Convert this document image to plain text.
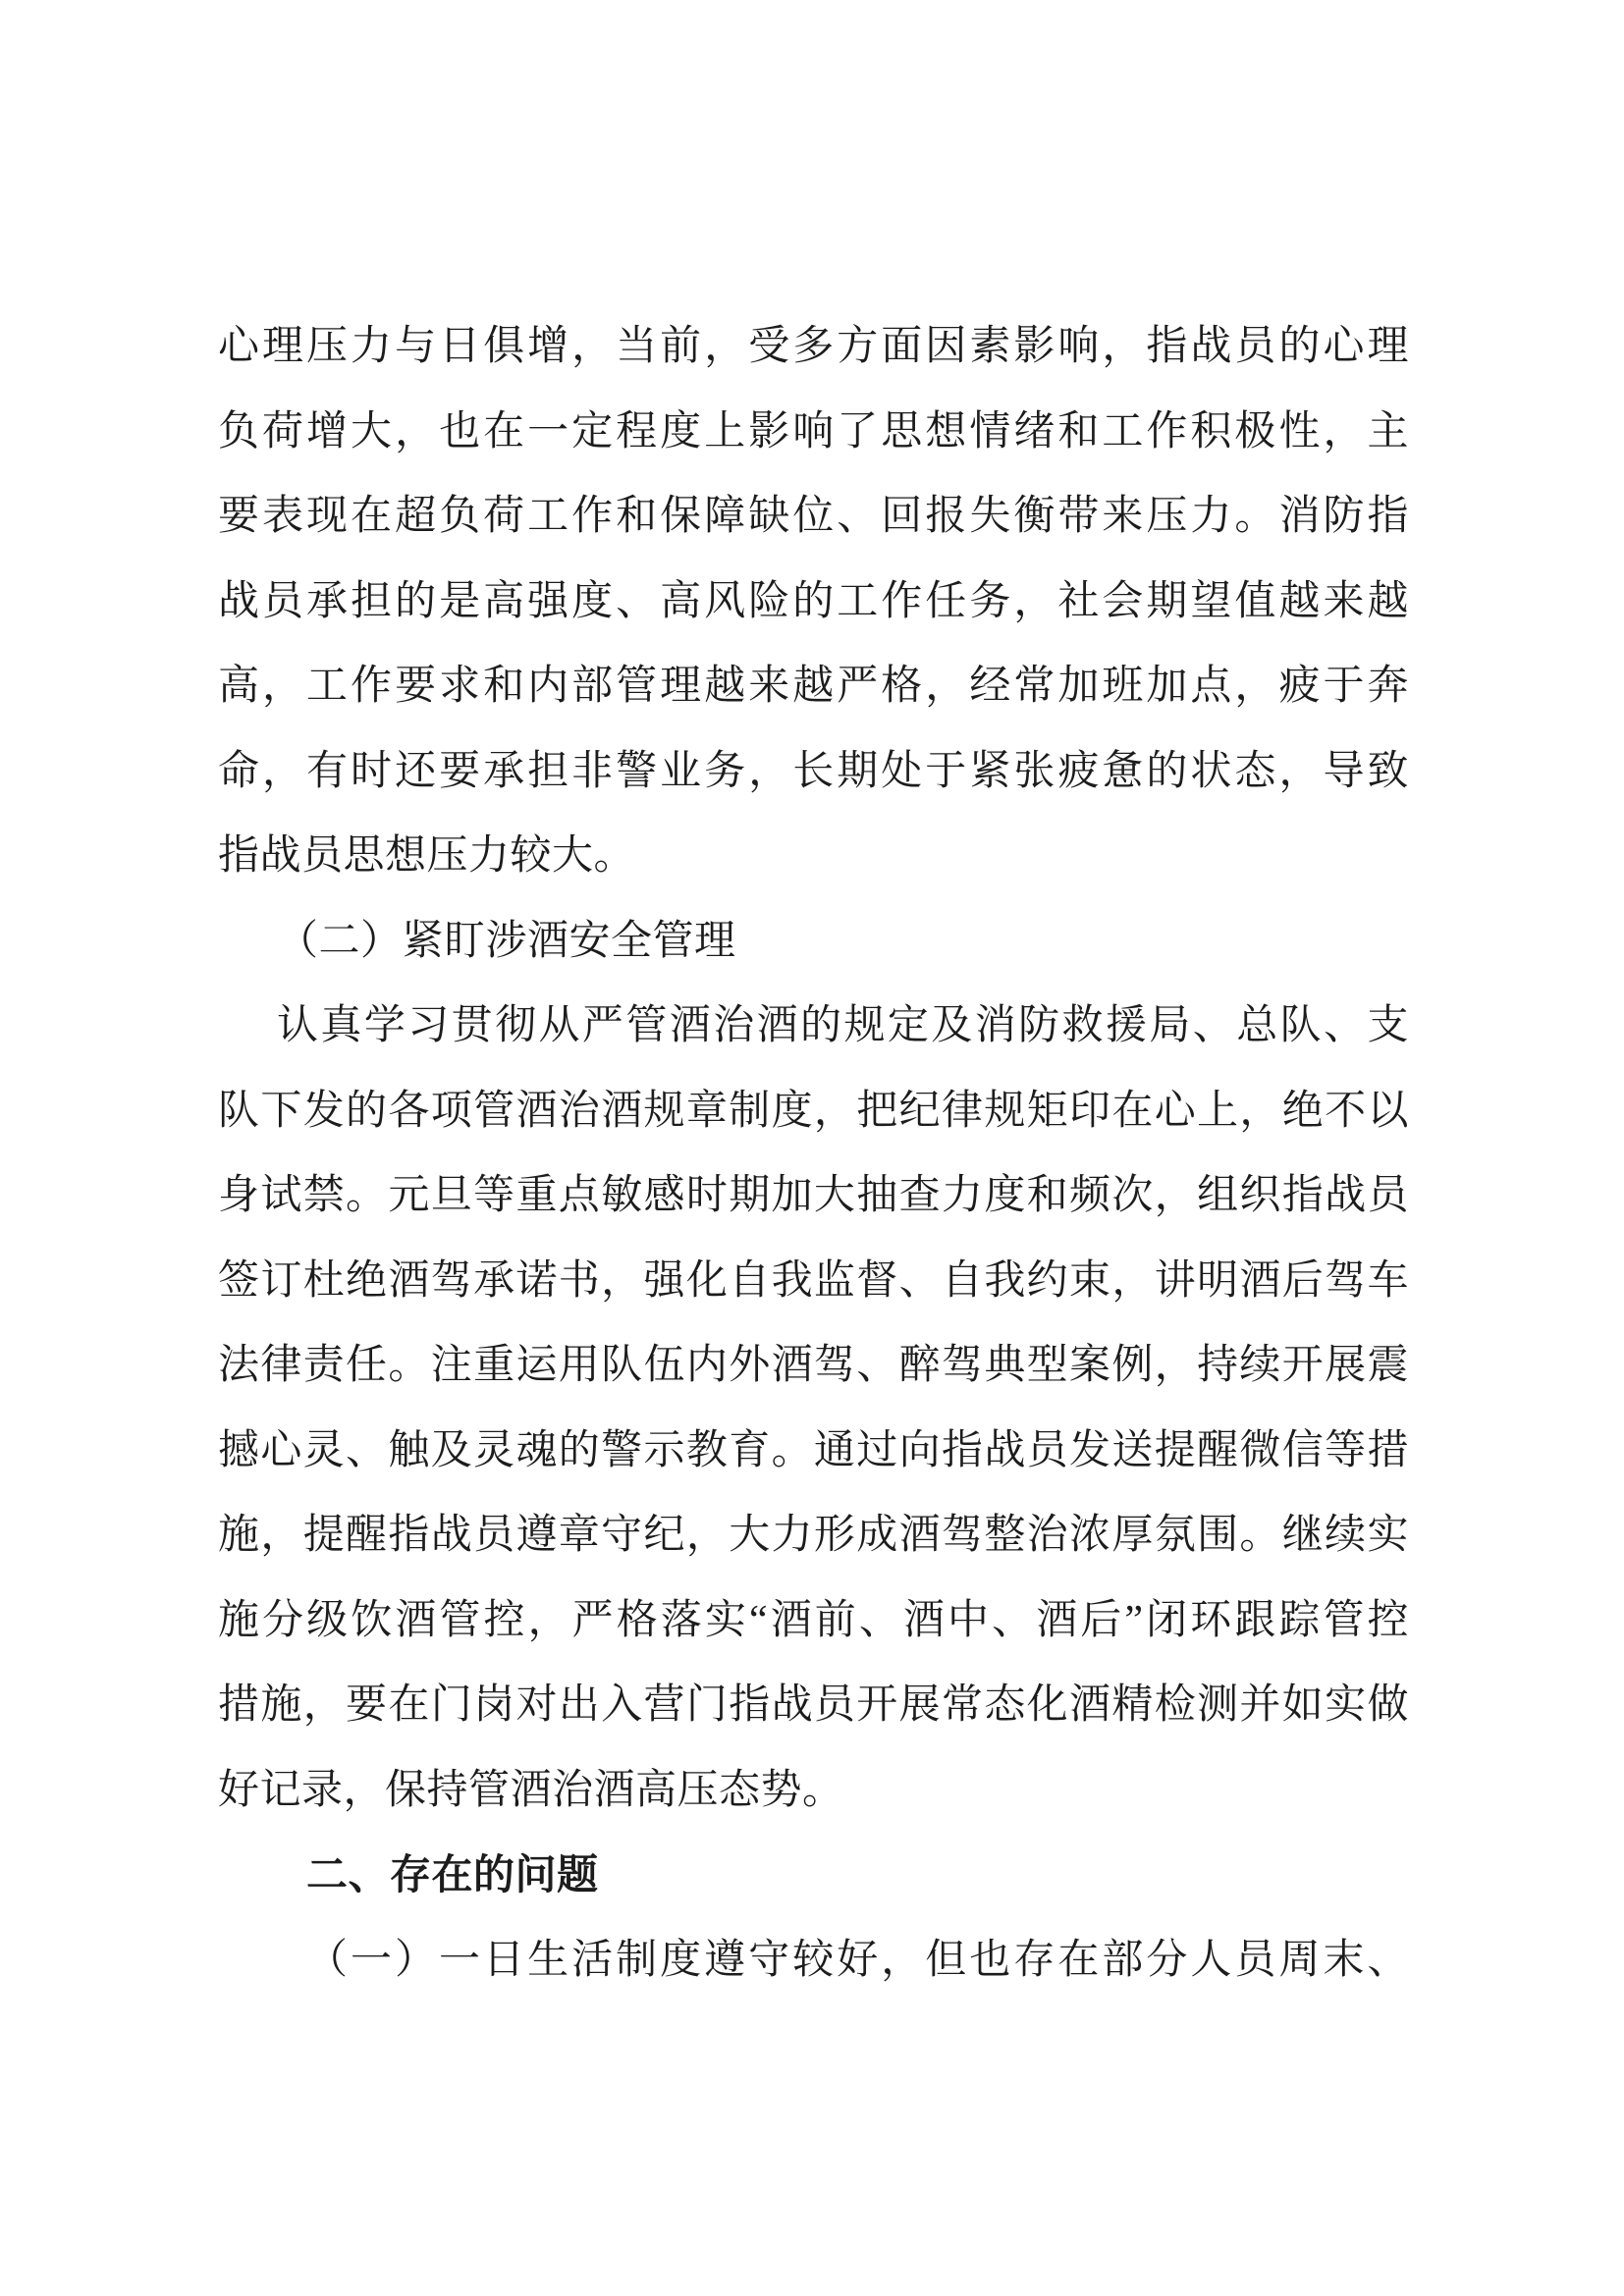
心理压力与日俱增，当前，受多方面因素影响，指战员的心理
负荷增大，也在一定程度上影响了思想情绪和工作积极性，主
要表现在超负荷工作和保障缺位、回报失衡带来压力。消防指
战员承担的是高强度、高风险的工作任务，社会期望值越来越
高，工作要求和内部管理越来越严格，经常加班加点，疲于奔
命，有时还要承担非警业务，长期处于紧张疲惫的状态，导致
指战员思想压力较大。
（二）紧盯涉酒安全管理
认真学习贯彻从严管酒治酒的规定及消防救援局、总队、支
队下发的各项管酒治酒规章制度，把纪律规矩印在心上，绝不以
身试禁。元旦等重点敏感时期加大抽查力度和频次，组织指战员
签订杜绝酒驾承诺书，强化自我监督、自我约束，讲明酒后驾车
法律责任。注重运用队伍内外酒驾、醉驾典型案例，持续开展震
撼心灵、触及灵魂的警示教育。通过向指战员发送提醒微信等措
施，提醒指战员遵章守纪，大力形成酒驾整治浓厚氛围。继续实
施分级饮酒管控，严格落实“酒前、酒中、酒后”闭环跟踪管控
措施，要在门岗对出入营门指战员开展常态化酒精检测并如实做
好记录，保持管酒治酒高压态势。
二、存在的问题
（一）一日生活制度遵守较好，但也存在部分人员周末、
